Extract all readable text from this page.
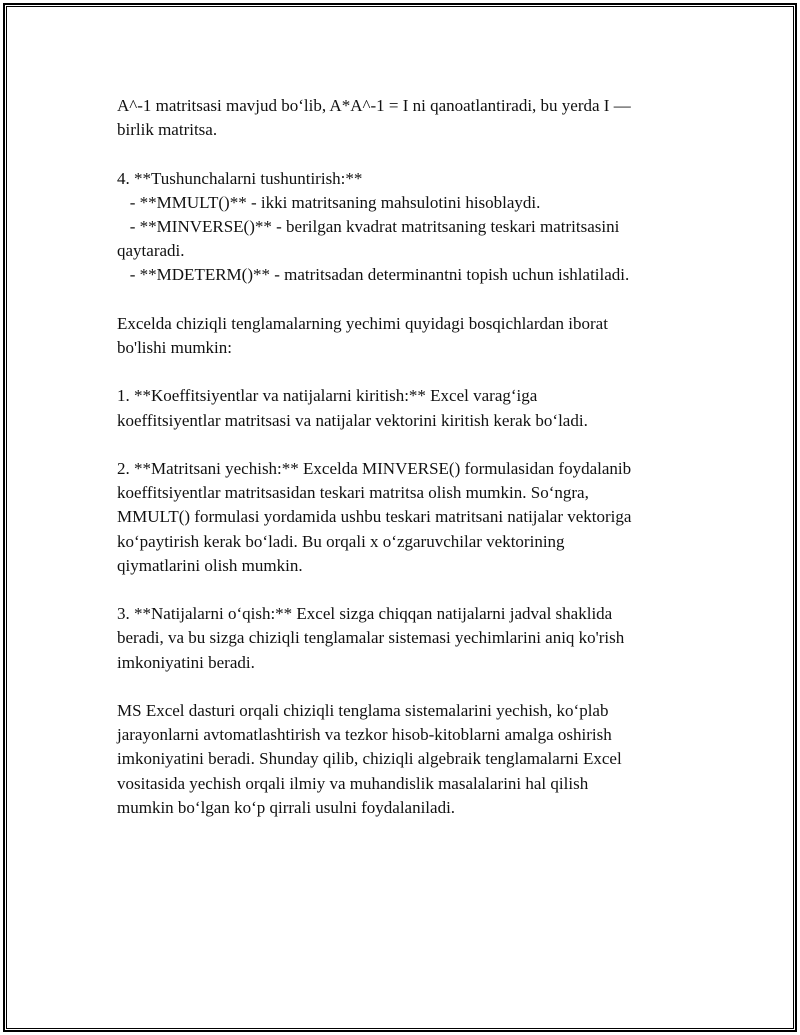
A^-1 matritsasi mavjud bo‘lib, A*A^-1 = I ni qanoatlantiradi, bu yerda I —
birlik matritsa.
4. **Tushunchalarni tushuntirish:**
- **MMULT()** - ikki matritsaning mahsulotini hisoblaydi.
- **MINVERSE()** - berilgan kvadrat matritsaning teskari matritsasini
qaytaradi.
- **MDETERM()** - matritsadan determinantni topish uchun ishlatiladi.
Excelda chiziqli tenglamalarning yechimi quyidagi bosqichlardan iborat
bo'lishi mumkin:
1. **Koeffitsiyentlar va natijalarni kiritish:** Excel varag‘iga
koeffitsiyentlar matritsasi va natijalar vektorini kiritish kerak bo‘ladi.
2. **Matritsani yechish:** Excelda MINVERSE() formulasidan foydalanib
koeffitsiyentlar matritsasidan teskari matritsa olish mumkin. So‘ngra,
MMULT() formulasi yordamida ushbu teskari matritsani natijalar vektoriga
ko‘paytirish kerak bo‘ladi. Bu orqali x o‘zgaruvchilar vektorining
qiymatlarini olish mumkin.
3. **Natijalarni o‘qish:** Excel sizga chiqqan natijalarni jadval shaklida
beradi, va bu sizga chiziqli tenglamalar sistemasi yechimlarini aniq ko'rish
imkoniyatini beradi.
MS Excel dasturi orqali chiziqli tenglama sistemalarini yechish, ko‘plab
jarayonlarni avtomatlashtirish va tezkor hisob-kitoblarni amalga oshirish
imkoniyatini beradi. Shunday qilib, chiziqli algebraik tenglamalarni Excel
vositasida yechish orqali ilmiy va muhandislik masalalarini hal qilish
mumkin bo‘lgan ko‘p qirrali usulni foydalaniladi.
